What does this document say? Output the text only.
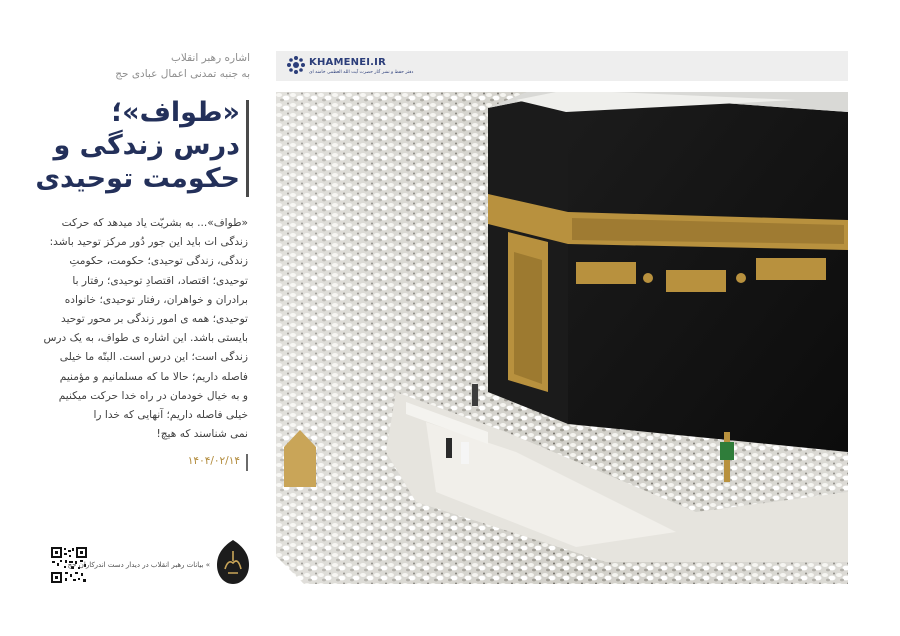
اشاره رهبر انقلاب
به جنبه تمدنی اعمال عبادی حج
«طواف»؛
درس زندگی و
حکومت توحیدی
«طواف»... به بشریّت یاد میدهد که حرکت
زندگی ات باید این جور دُور مرکز توحید باشد:
زندگی، زندگی توحیدی؛ حکومت، حکومتِ
توحیدی؛ اقتصاد، اقتصادِ توحیدی؛ رفتار با
برادران و خواهران، رفتار توحیدی؛ خانواده
توحیدی؛ همه ی امور زندگی بر محور توحید
بایستی باشد. این اشاره ی طواف، به یک درس
زندگی است؛ این درس است. البتّه ما خیلی
فاصله داریم؛ حالا ما که مسلمانیم و مؤمنیم
و به خیال خودمان در راه خدا حرکت میکنیم
خیلی فاصله داریم؛ آنهایی که خدا را
نمی شناسند که هیچ!
۱۴۰۴/۰۲/۱۴
KHAMENEI.IR
دفتر حفظ و نشر آثار حضرت آیت الله العظمی خامنه ای
» بیانات رهبر انقلاب در دیدار دست اندرکاران حج
